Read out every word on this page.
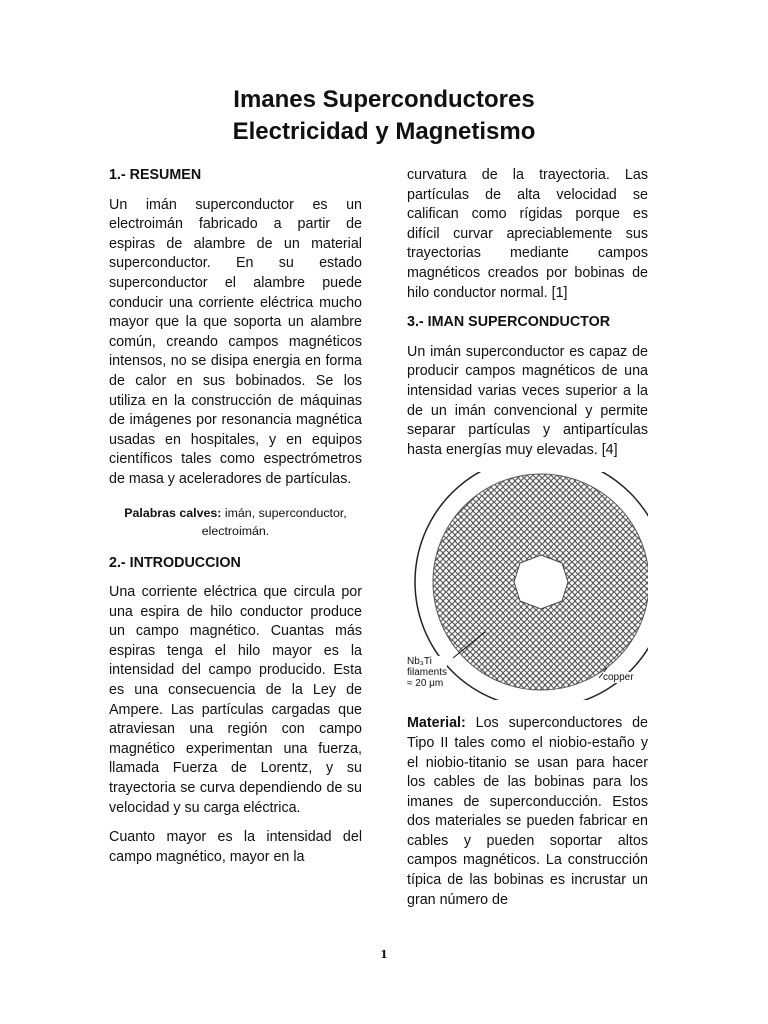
Imanes Superconductores
Electricidad y Magnetismo
1.- RESUMEN

Un imán superconductor es un electroimán fabricado a partir de espiras de alambre de un material superconductor. En su estado superconductor el alambre puede conducir una corriente eléctrica mucho mayor que la que soporta un alambre común, creando campos magnéticos intensos, no se disipa energia en forma de calor en sus bobinados. Se los utiliza en la construcción de máquinas de imágenes por resonancia magnética usadas en hospitales, y en equipos científicos tales como espectrómetros de masa y aceleradores de partículas.

Palabras calves: imán, superconductor, electroimán.
2.- INTRODUCCION

Una corriente eléctrica que circula por una espira de hilo conductor produce un campo magnético. Cuantas más espiras tenga el hilo mayor es la intensidad del campo producido. Esta es una consecuencia de la Ley de Ampere. Las partículas cargadas que atraviesan una región con campo magnético experimentan una fuerza, llamada Fuerza de Lorentz, y su trayectoria se curva dependiendo de su velocidad y su carga eléctrica.

Cuanto mayor es la intensidad del campo magnético, mayor en la

curvatura de la trayectoria. Las partículas de alta velocidad se califican como rígidas porque es difícil curvar apreciablemente sus trayectorias mediante campos magnéticos creados por bobinas de hilo conductor normal. [1]

3.- IMAN SUPERCONDUCTOR

Un imán superconductor es capaz de producir campos magnéticos de una intensidad varias veces superior a la de un imán convencional y permite separar partículas y antipartículas hasta energías muy elevadas. [4]

Nb₃Ti
filaments
≈ 20 μm
copper

Material: Los superconductores de Tipo II tales como el niobio-estaño y el niobio-titanio se usan para hacer los cables de las bobinas para los imanes de superconducción. Estos dos materiales se pueden fabricar en cables y pueden soportar altos campos magnéticos. La construcción típica de las bobinas es incrustar un gran número de

1
